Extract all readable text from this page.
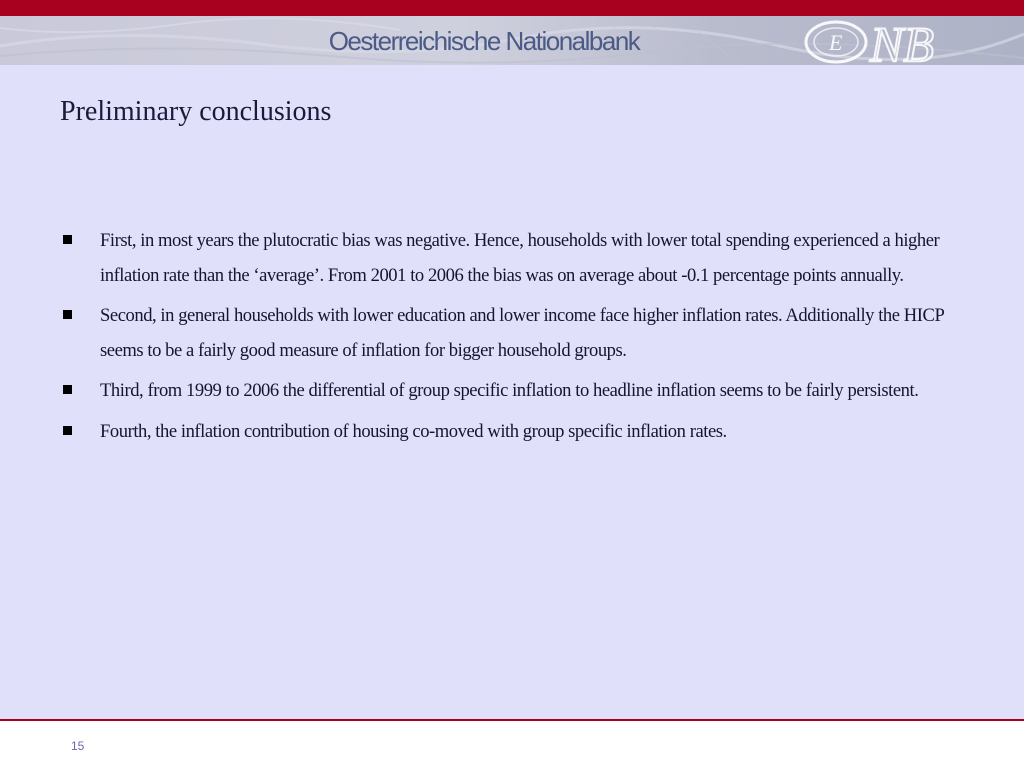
Oesterreichische Nationalbank	E NB
Preliminary conclusions
First, in most years the plutocratic bias was negative. Hence, households with lower total spending experienced a higher inflation rate than the ‘average’. From 2001 to 2006 the bias was on average about -0.1 percentage points annually.
Second, in general households with lower education and lower income face higher inflation rates. Additionally the HICP seems to be a fairly good measure of inflation for bigger household groups.
Third, from 1999 to 2006 the differential of group specific inflation to headline inflation seems to be fairly persistent.
Fourth, the inflation contribution of housing co-moved with group specific inflation rates.
15
